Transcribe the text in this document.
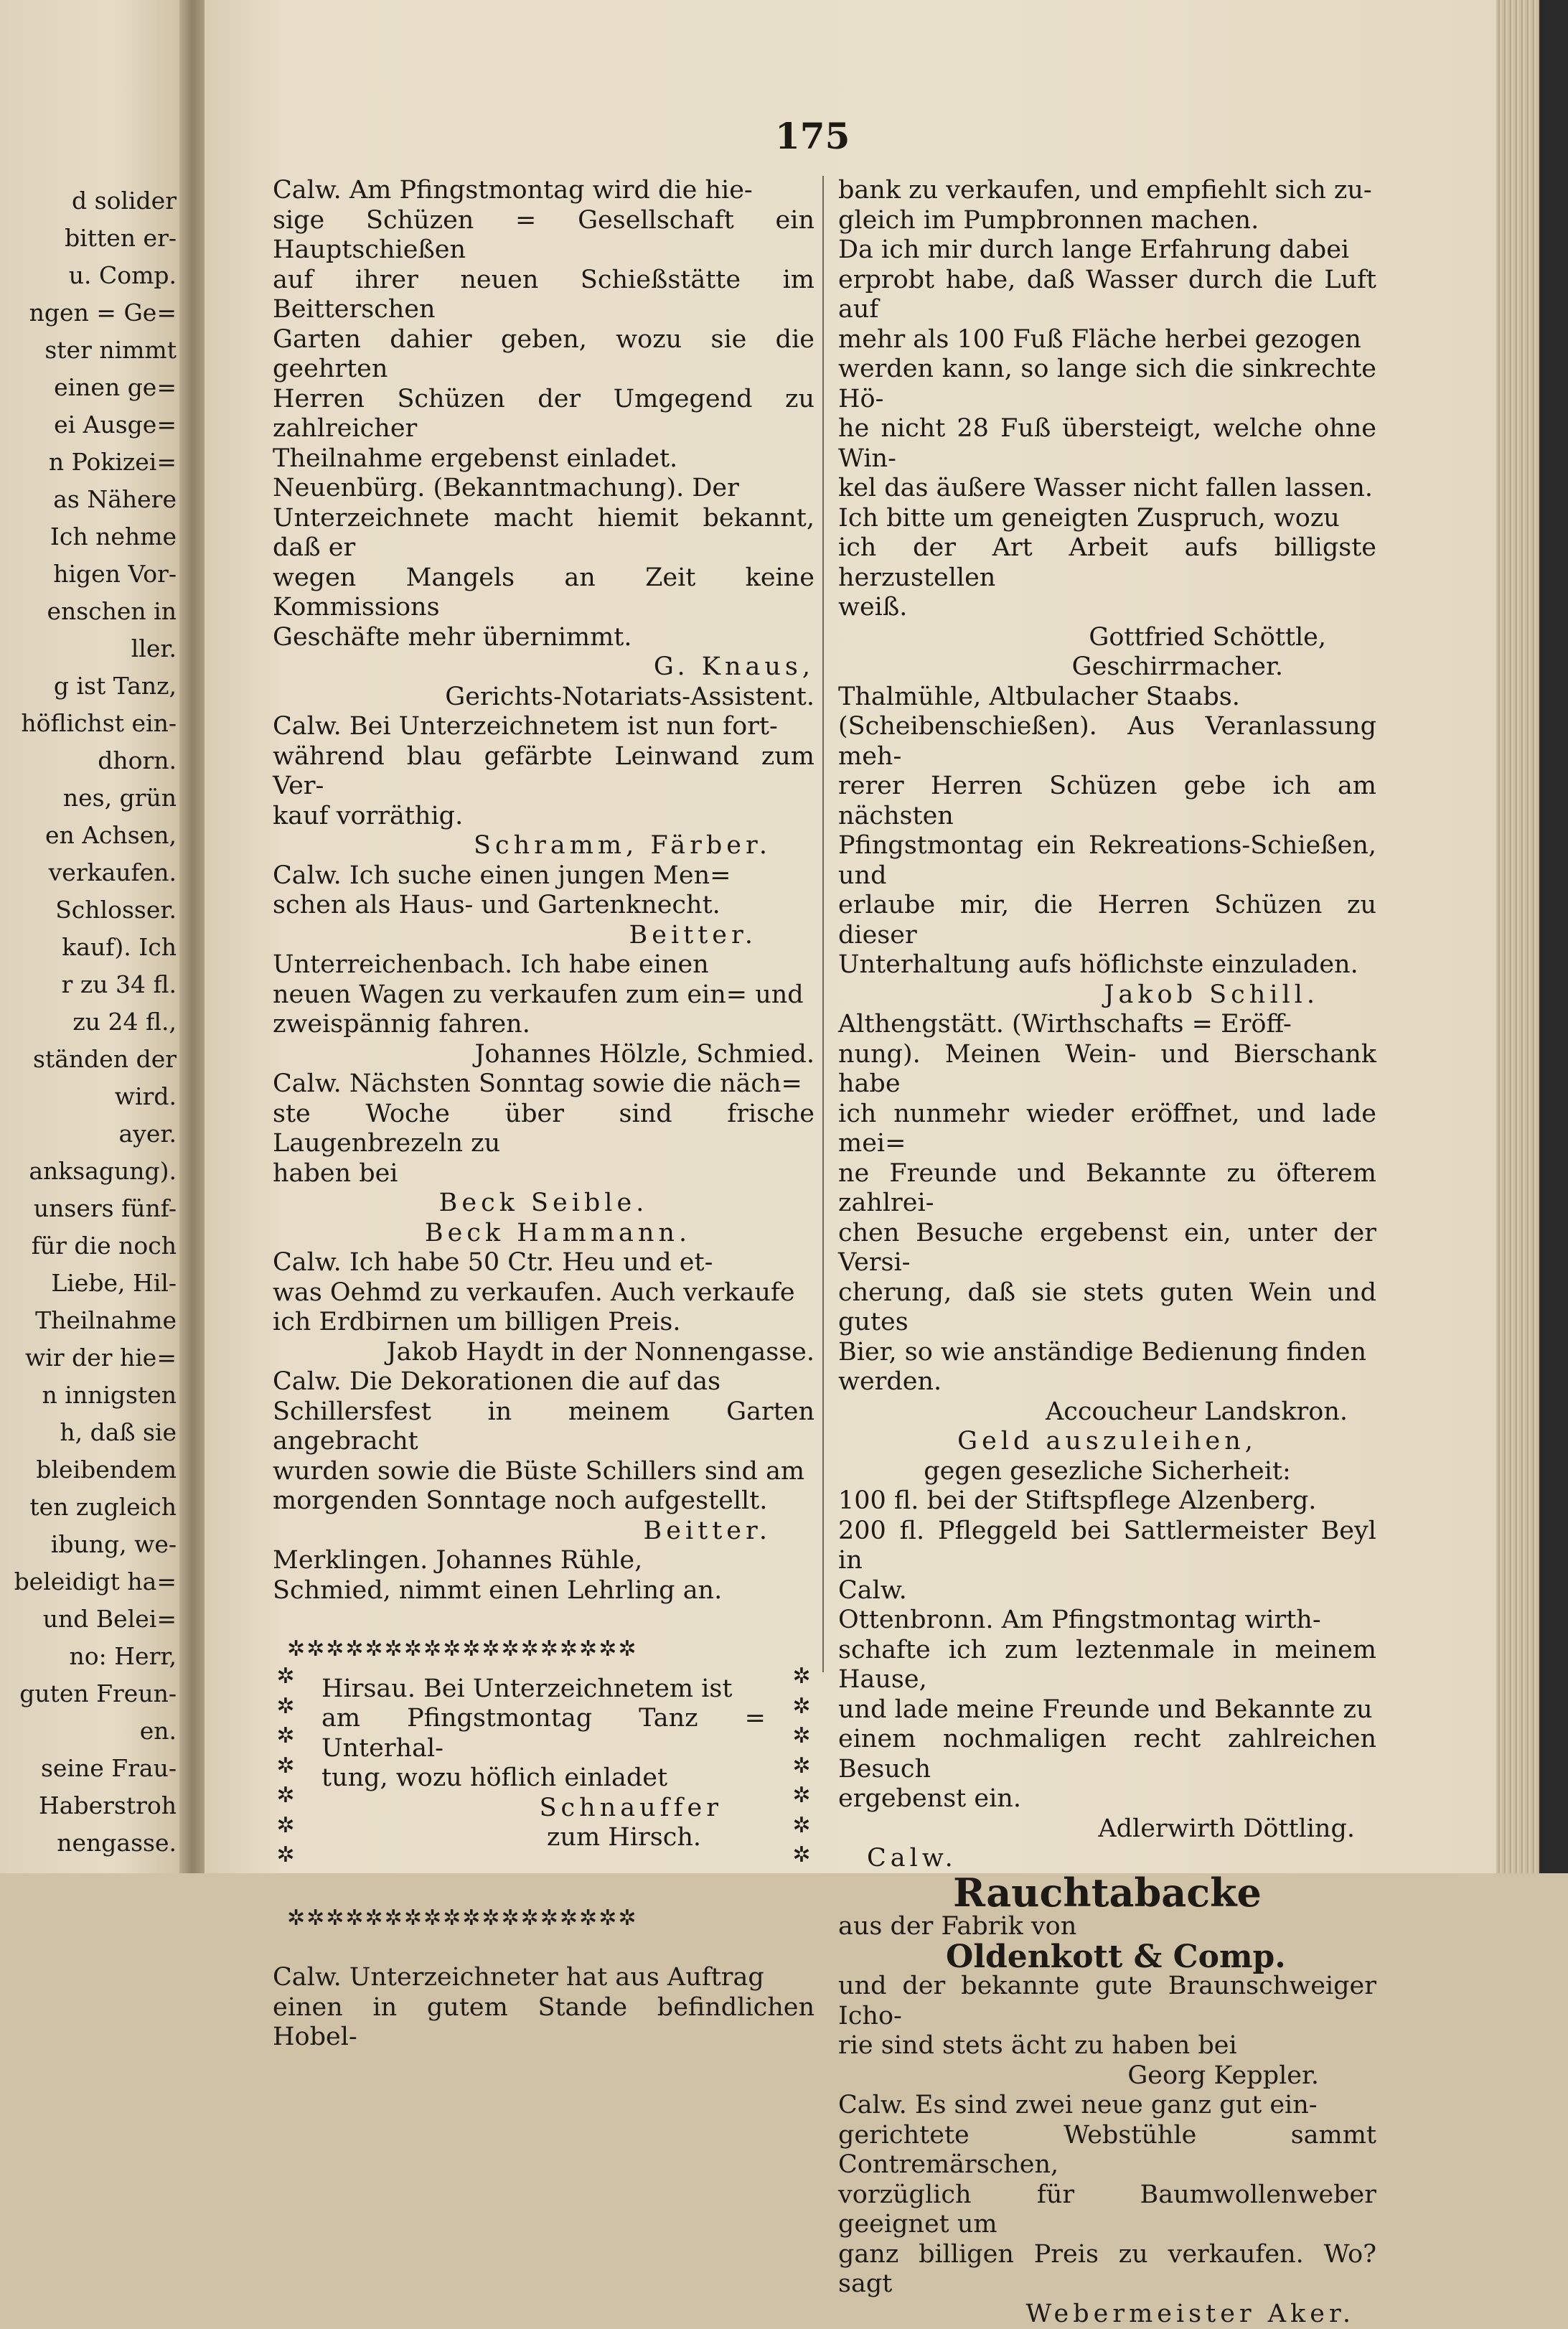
d solider
bitten er-
u. Comp.
ngen = Ge=
ster nimmt
einen ge=
ei Ausge=
n Pokizei=
as Nähere
Ich nehme
higen Vor-
enschen in
ller.
g ist Tanz,
höflichst ein-
dhorn.
nes, grün
en Achsen,
verkaufen.
Schlosser.
kauf). Ich
r zu 34 fl.
zu 24 fl.,
ständen der
wird.
ayer.
anksagung).
unsers fünf-
für die noch
Liebe, Hil-
Theilnahme
wir der hie=
n innigsten
h, daß sie
bleibendem
ten zugleich
ibung, we-
beleidigt ha=
und Belei=
no: Herr,
guten Freun-
en.
seine Frau-
Haberstroh
nengasse.
175
Calw. Am Pfingstmontag wird die hie-
sige Schüzen = Gesellschaft ein Hauptschießen
auf ihrer neuen Schießstätte im Beitterschen
Garten dahier geben, wozu sie die geehrten
Herren Schüzen der Umgegend zu zahlreicher
Theilnahme ergebenst einladet.
Neuenbürg. (Bekanntmachung). Der
Unterzeichnete macht hiemit bekannt, daß er
wegen Mangels an Zeit keine Kommissions
Geschäfte mehr übernimmt.
G. Knaus,
Gerichts-Notariats-Assistent.
Calw. Bei Unterzeichnetem ist nun fort-
während blau gefärbte Leinwand zum Ver-
kauf vorräthig.
Schramm, Färber.
Calw. Ich suche einen jungen Men=
schen als Haus- und Gartenknecht.
Beitter.
Unterreichenbach. Ich habe einen
neuen Wagen zu verkaufen zum ein= und
zweispännig fahren.
Johannes Hölzle, Schmied.
Calw. Nächsten Sonntag sowie die näch=
ste Woche über sind frische Laugenbrezeln zu
haben bei
Beck Seible.
Beck Hammann.
Calw. Ich habe 50 Ctr. Heu und et-
was Oehmd zu verkaufen. Auch verkaufe
ich Erdbirnen um billigen Preis.
Jakob Haydt in der Nonnengasse.
Calw. Die Dekorationen die auf das
Schillersfest in meinem Garten angebracht
wurden sowie die Büste Schillers sind am
morgenden Sonntage noch aufgestellt.
Beitter.
Merklingen. Johannes Rühle,
Schmied, nimmt einen Lehrling an.
✲✲✲✲✲✲✲✲✲✲✲✲✲✲✲✲✲✲
✲
✲
✲
✲
✲
✲
✲
✲
✲
✲
✲
✲
✲
✲
Hirsau. Bei Unterzeichnetem ist
am Pfingstmontag Tanz = Unterhal-
tung, wozu höflich einladet
Schnauffer
zum Hirsch.
✲✲✲✲✲✲✲✲✲✲✲✲✲✲✲✲✲✲
Calw. Unterzeichneter hat aus Auftrag
einen in gutem Stande befindlichen Hobel-
bank zu verkaufen, und empfiehlt sich zu-
gleich im Pumpbronnen machen.
Da ich mir durch lange Erfahrung dabei
erprobt habe, daß Wasser durch die Luft auf
mehr als 100 Fuß Fläche herbei gezogen
werden kann, so lange sich die sinkrechte Hö-
he nicht 28 Fuß übersteigt, welche ohne Win-
kel das äußere Wasser nicht fallen lassen.
Ich bitte um geneigten Zuspruch, wozu
ich der Art Arbeit aufs billigste herzustellen
weiß.
Gottfried Schöttle,
Geschirrmacher.
Thalmühle, Altbulacher Staabs.
(Scheibenschießen). Aus Veranlassung meh-
rerer Herren Schüzen gebe ich am nächsten
Pfingstmontag ein Rekreations-Schießen, und
erlaube mir, die Herren Schüzen zu dieser
Unterhaltung aufs höflichste einzuladen.
Jakob Schill.
Althengstätt. (Wirthschafts = Eröff-
nung). Meinen Wein- und Bierschank habe
ich nunmehr wieder eröffnet, und lade mei=
ne Freunde und Bekannte zu öfterem zahlrei-
chen Besuche ergebenst ein, unter der Versi-
cherung, daß sie stets guten Wein und gutes
Bier, so wie anständige Bedienung finden
werden.
Accoucheur Landskron.
Geld auszuleihen,
gegen gesezliche Sicherheit:
100 fl. bei der Stiftspflege Alzenberg.
200 fl. Pfleggeld bei Sattlermeister Beyl in
Calw.
Ottenbronn. Am Pfingstmontag wirth-
schafte ich zum leztenmale in meinem Hause,
und lade meine Freunde und Bekannte zu
einem nochmaligen recht zahlreichen Besuch
ergebenst ein.
Adlerwirth Döttling.
Calw.
Rauchtabacke
aus der Fabrik von
Oldenkott & Comp.
und der bekannte gute Braunschweiger Icho-
rie sind stets ächt zu haben bei
Georg Keppler.
Calw. Es sind zwei neue ganz gut ein-
gerichtete Webstühle sammt Contremärschen,
vorzüglich für Baumwollenweber geeignet um
ganz billigen Preis zu verkaufen. Wo? sagt
Webermeister Aker.
